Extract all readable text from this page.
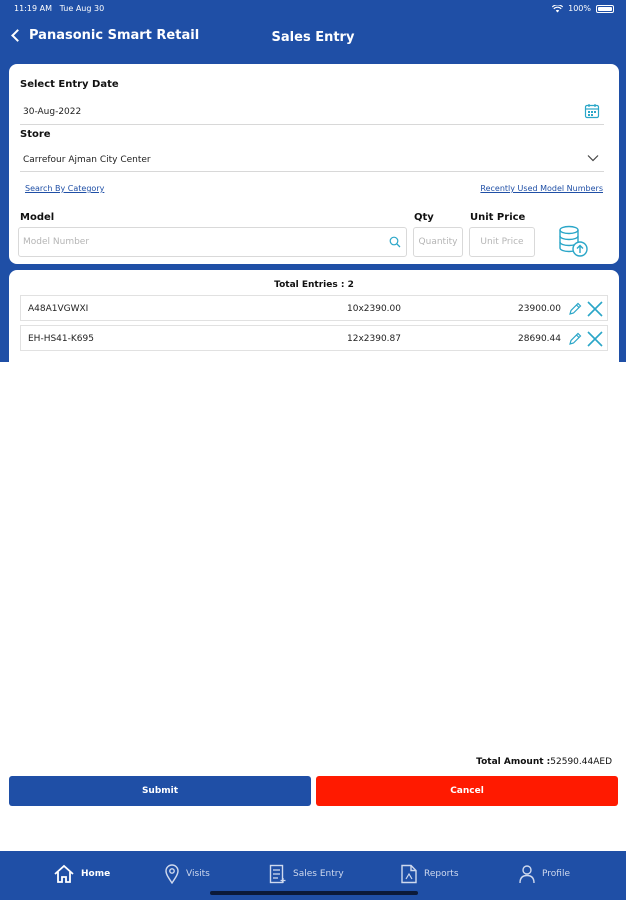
11:19 AM Tue Aug 30	100%
Panasonic Smart Retail	Sales Entry
Select Entry Date
30-Aug-2022
Store
Carrefour Ajman City Center
Search By Category	Recently Used Model Numbers
Model	Qty	Unit Price
Model Number	Quantity	Unit Price
Total Entries : 2
A48A1VGWXI	10x2390.00	23900.00
EH-HS41-K695	12x2390.87	28690.44
Total Amount :52590.44AED
Submit	Cancel
Home	Visits	Sales Entry	Reports	Profile
